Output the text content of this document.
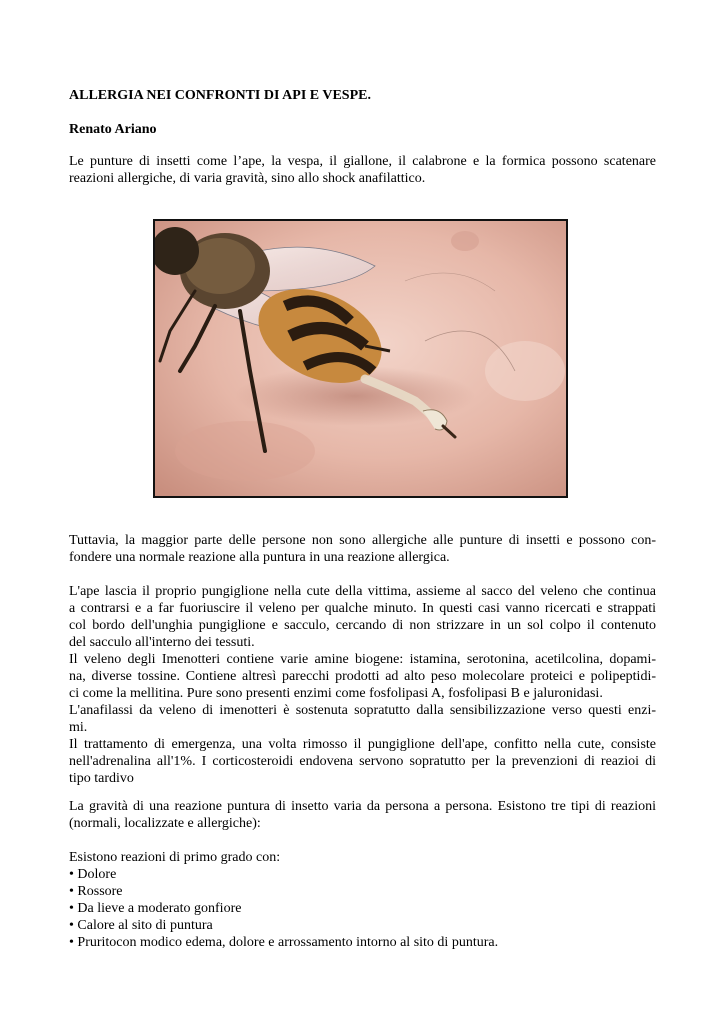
ALLERGIA NEI CONFRONTI DI API E VESPE.
Renato Ariano

Le punture di insetti come l’ape, la vespa, il giallone, il calabrone e la formica possono scatenare
reazioni allergiche, di varia gravità, sino allo shock anafilattico.

Tuttavia, la maggior parte delle persone non sono allergiche alle punture di insetti e possono con-
fondere una normale reazione alla puntura in una reazione allergica.

L'ape lascia il proprio pungiglione nella cute della vittima, assieme al sacco del veleno che continua
a contrarsi e a far fuoriuscire il veleno per qualche minuto. In questi casi vanno ricercati e strappati
col bordo dell'unghia pungiglione e sacculo, cercando di non strizzare in un sol colpo il contenuto
del sacculo all'interno dei tessuti.
Il veleno degli Imenotteri contiene varie amine biogene: istamina, serotonina, acetilcolina, dopami-
na, diverse tossine. Contiene altresì parecchi prodotti ad alto peso molecolare proteici e polipeptidi-
ci come la mellitina. Pure sono presenti enzimi come fosfolipasi A, fosfolipasi B e jaluronidasi.
L'anafilassi da veleno di imenotteri è sostenuta sopratutto dalla sensibilizzazione verso questi enzi-
mi.
Il trattamento di emergenza, una volta rimosso il pungiglione dell'ape, confitto nella cute, consiste
nell'adrenalina all'1%. I corticosteroidi endovena servono sopratutto per la prevenzioni di reazioi di
tipo tardivo

La gravità di una reazione puntura di insetto varia da persona a persona. Esistono tre tipi di reazioni
(normali, localizzate e allergiche):

Esistono reazioni di primo grado con:

• Dolore
• Rossore
• Da lieve a moderato gonfiore
• Calore al sito di puntura
• Pruritocon modico edema, dolore e arrossamento intorno al sito di puntura.
